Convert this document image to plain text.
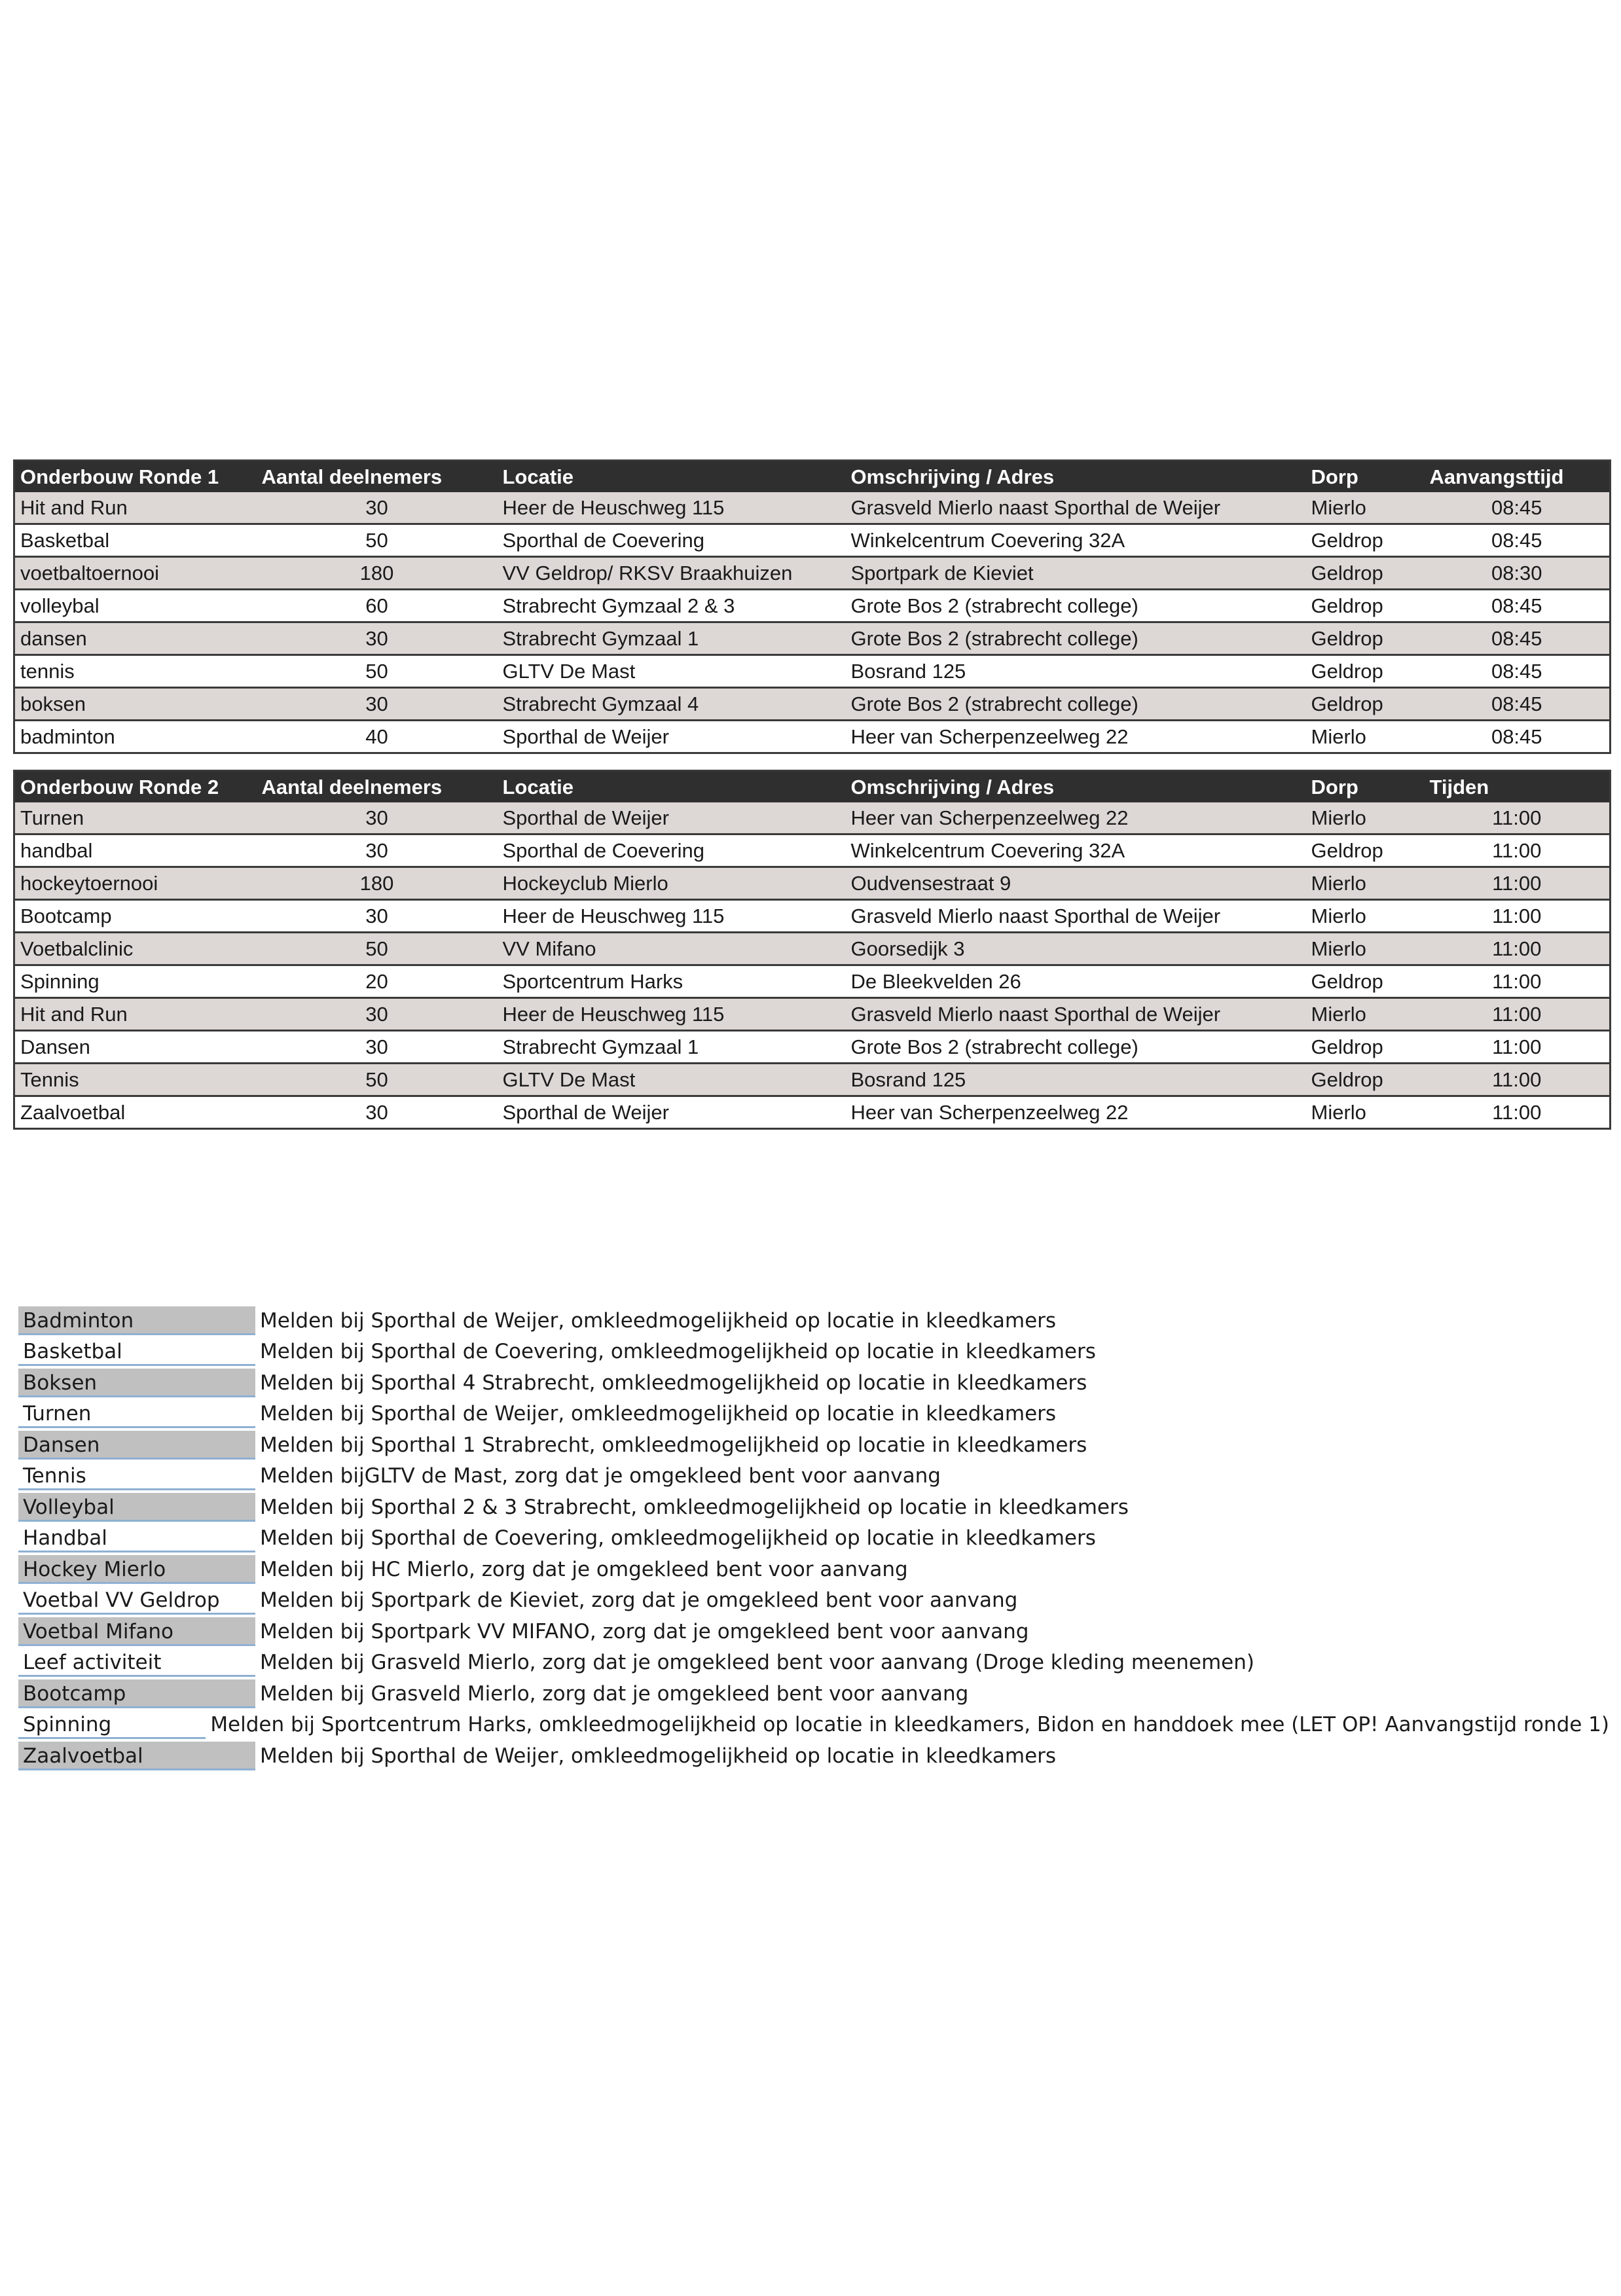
Onderbouw Ronde 1	Aantal deelnemers	Locatie	Omschrijving / Adres	Dorp	Aanvangsttijd
Hit and Run	30	Heer de Heuschweg 115	Grasveld Mierlo naast Sporthal de Weijer	Mierlo	08:45
Basketbal	50	Sporthal de Coevering	Winkelcentrum Coevering 32A	Geldrop	08:45
voetbaltoernooi	180	VV Geldrop/ RKSV Braakhuizen	Sportpark de Kieviet	Geldrop	08:30
volleybal	60	Strabrecht Gymzaal 2 & 3	Grote Bos 2 (strabrecht college)	Geldrop	08:45
dansen	30	Strabrecht Gymzaal 1	Grote Bos 2 (strabrecht college)	Geldrop	08:45
tennis	50	GLTV De Mast	Bosrand 125	Geldrop	08:45
boksen	30	Strabrecht Gymzaal 4	Grote Bos 2 (strabrecht college)	Geldrop	08:45
badminton	40	Sporthal de Weijer	Heer van Scherpenzeelweg 22	Mierlo	08:45
Onderbouw Ronde 2	Aantal deelnemers	Locatie	Omschrijving / Adres	Dorp	Tijden
Turnen	30	Sporthal de Weijer	Heer van Scherpenzeelweg 22	Mierlo	11:00
handbal	30	Sporthal de Coevering	Winkelcentrum Coevering 32A	Geldrop	11:00
hockeytoernooi	180	Hockeyclub Mierlo	Oudvensestraat 9	Mierlo	11:00
Bootcamp	30	Heer de Heuschweg 115	Grasveld Mierlo naast Sporthal de Weijer	Mierlo	11:00
Voetbalclinic	50	VV Mifano	Goorsedijk 3	Mierlo	11:00
Spinning	20	Sportcentrum Harks	De Bleekvelden 26	Geldrop	11:00
Hit and Run	30	Heer de Heuschweg 115	Grasveld Mierlo naast Sporthal de Weijer	Mierlo	11:00
Dansen	30	Strabrecht Gymzaal 1	Grote Bos 2 (strabrecht college)	Geldrop	11:00
Tennis	50	GLTV De Mast	Bosrand 125	Geldrop	11:00
Zaalvoetbal	30	Sporthal de Weijer	Heer van Scherpenzeelweg 22	Mierlo	11:00
Badminton	Melden bij Sporthal de Weijer, omkleedmogelijkheid op locatie in kleedkamers
Basketbal	Melden bij Sporthal de Coevering, omkleedmogelijkheid op locatie in kleedkamers
Boksen	Melden bij Sporthal 4 Strabrecht, omkleedmogelijkheid op locatie in kleedkamers
Turnen	Melden bij Sporthal de Weijer, omkleedmogelijkheid op locatie in kleedkamers
Dansen	Melden bij Sporthal 1 Strabrecht, omkleedmogelijkheid op locatie in kleedkamers
Tennis	Melden bijGLTV de Mast, zorg dat je omgekleed bent voor aanvang
Volleybal	Melden bij Sporthal 2 & 3 Strabrecht, omkleedmogelijkheid op locatie in kleedkamers
Handbal	Melden bij Sporthal de Coevering, omkleedmogelijkheid op locatie in kleedkamers
Hockey Mierlo	Melden bij HC Mierlo, zorg dat je omgekleed bent voor aanvang
Voetbal VV Geldrop	Melden bij Sportpark de Kieviet, zorg dat je omgekleed bent voor aanvang
Voetbal Mifano	Melden bij Sportpark VV MIFANO, zorg dat je omgekleed bent voor aanvang
Leef activiteit	Melden bij Grasveld Mierlo, zorg dat je omgekleed bent voor aanvang (Droge kleding meenemen)
Bootcamp	Melden bij Grasveld Mierlo, zorg dat je omgekleed bent voor aanvang
Spinning	Melden bij Sportcentrum Harks, omkleedmogelijkheid op locatie in kleedkamers, Bidon en handdoek mee (LET OP! Aanvangstijd ronde 1)
Zaalvoetbal	Melden bij Sporthal de Weijer, omkleedmogelijkheid op locatie in kleedkamers
